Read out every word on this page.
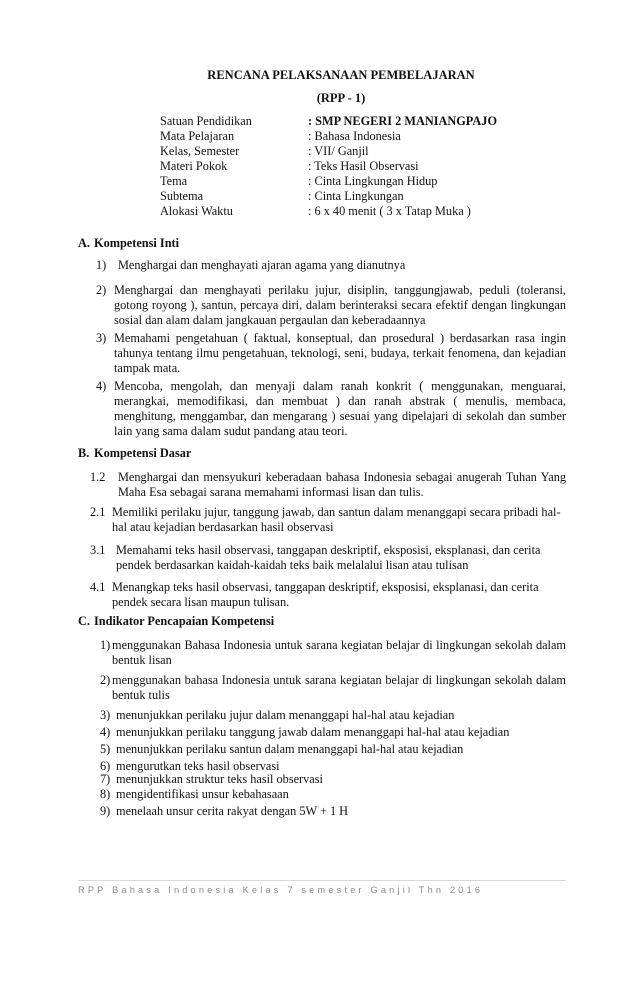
RENCANA PELAKSANAAN PEMBELAJARAN
(RPP - 1)
Satuan Pendidikan	: SMP NEGERI 2 MANIANGPAJO
Mata Pelajaran	: Bahasa Indonesia
Kelas, Semester	: VII/ Ganjil
Materi Pokok	: Teks Hasil Observasi
Tema	: Cinta Lingkungan Hidup
Subtema	: Cinta Lingkungan
Alokasi Waktu	: 6 x 40 menit ( 3 x Tatap Muka )
A. Kompetensi Inti
1) Menghargai dan menghayati ajaran agama yang dianutnya
2) Menghargai dan menghayati perilaku jujur, disiplin, tanggungjawab, peduli (toleransi, gotong royong ), santun, percaya diri, dalam berinteraksi secara efektif dengan lingkungan sosial dan alam dalam jangkauan pergaulan dan keberadaannya
3) Memahami pengetahuan ( faktual, konseptual, dan prosedural ) berdasarkan rasa ingin tahunya tentang ilmu pengetahuan, teknologi, seni, budaya, terkait fenomena, dan kejadian tampak mata.
4) Mencoba, mengolah, dan menyaji dalam ranah konkrit ( menggunakan, menguarai, merangkai, memodifikasi, dan membuat ) dan ranah abstrak ( menulis, membaca, menghitung, menggambar, dan mengarang ) sesuai yang dipelajari di sekolah dan sumber lain yang sama dalam sudut pandang atau teori.
B. Kompetensi Dasar
1.2	Menghargai dan mensyukuri keberadaan bahasa Indonesia sebagai anugerah Tuhan Yang Maha Esa sebagai sarana memahami informasi lisan dan tulis.
2.1 Memiliki perilaku jujur, tanggung jawab, dan santun dalam menanggapi secara pribadi hal-hal atau kejadian berdasarkan hasil observasi
3.1 Memahami teks hasil observasi, tanggapan deskriptif, eksposisi, eksplanasi, dan cerita pendek berdasarkan kaidah-kaidah teks baik melalalui lisan atau tulisan
4.1 Menangkap teks hasil observasi, tanggapan deskriptif, eksposisi, eksplanasi, dan cerita pendek secara lisan maupun tulisan.
C. Indikator Pencapaian Kompetensi
1) menggunakan Bahasa Indonesia untuk sarana kegiatan belajar di lingkungan sekolah dalam bentuk lisan
2) menggunakan bahasa Indonesia untuk sarana kegiatan belajar di lingkungan sekolah dalam bentuk tulis
3) menunjukkan perilaku jujur dalam menanggapi hal-hal atau kejadian
4) menunjukkan perilaku tanggung jawab dalam menanggapi hal-hal atau kejadian
5) menunjukkan perilaku santun dalam menanggapi hal-hal atau kejadian
6) mengurutkan teks hasil observasi
7) menunjukkan struktur teks hasil observasi
8) mengidentifikasi unsur kebahasaan
9) menelaah unsur cerita rakyat dengan 5W + 1 H
RPP Bahasa Indonesia Kelas 7 semester Ganjil Thn 2016
